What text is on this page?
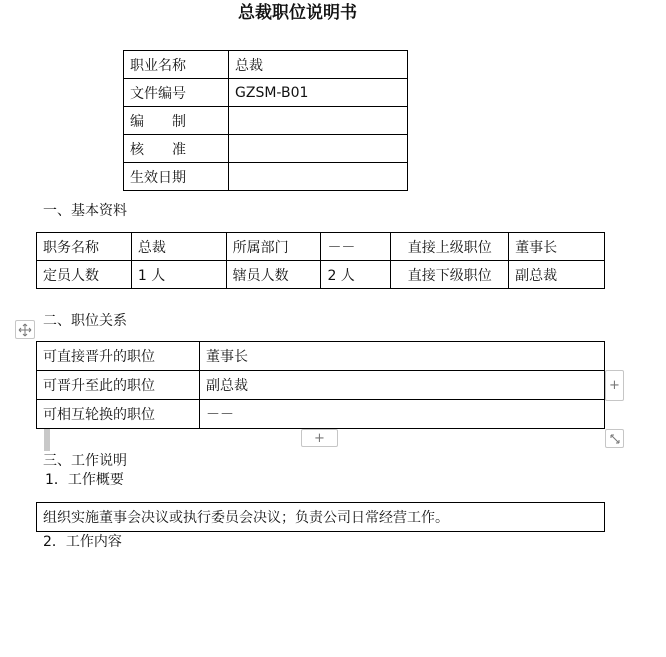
总裁职位说明书
职业名称	总裁
文件编号	GZSM-B01
编　　制	
核　　准	
生效日期	
一、基本资料
职务名称	总裁	所属部门	－－	直接上级职位	董事长
定员人数	1 人	辖员人数	2 人	直接下级职位	副总裁
二、职位关系
可直接晋升的职位	董事长
可晋升至此的职位	副总裁
可相互轮换的职位	－－
+
+
三、工作说明
1．工作概要
组织实施董事会决议或执行委员会决议；负责公司日常经营工作。
2．工作内容
